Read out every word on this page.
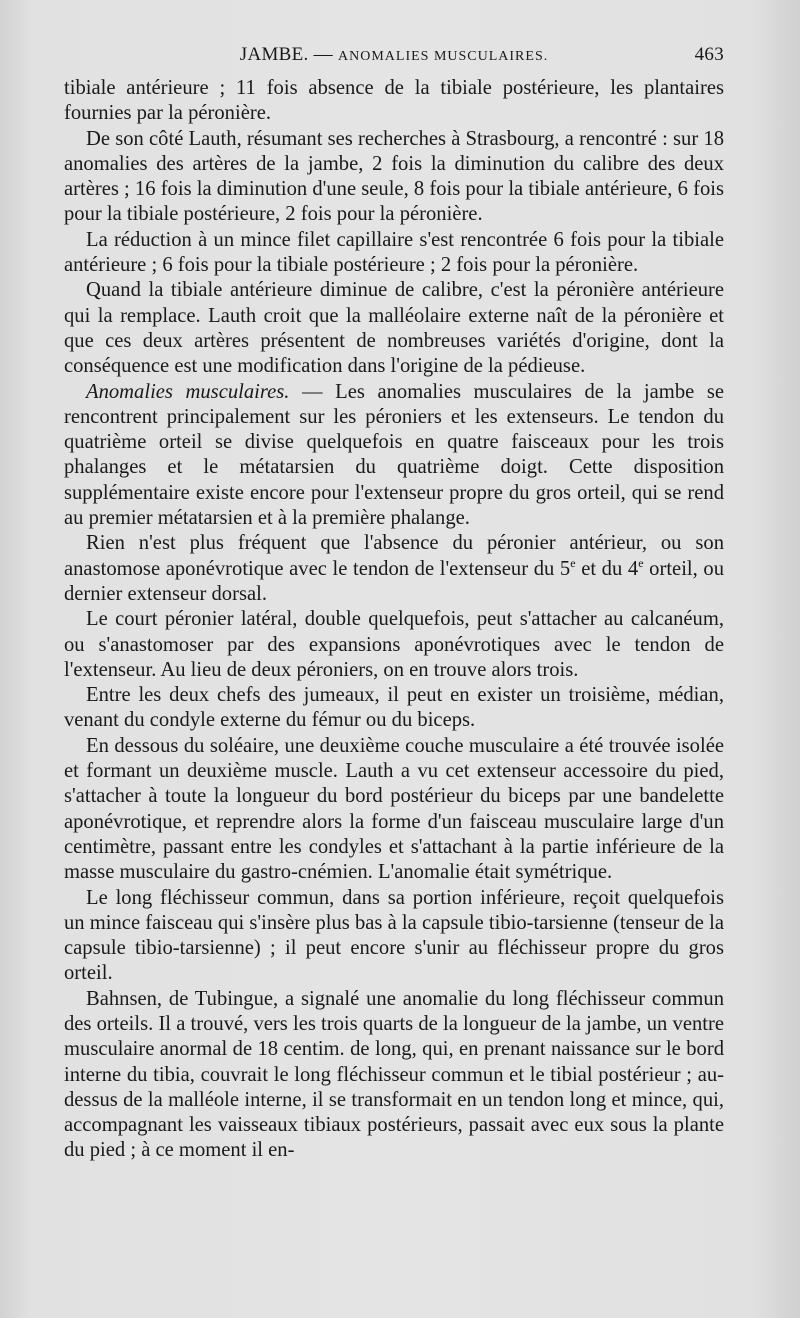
JAMBE. — ANOMALIES MUSCULAIRES.	463

tibiale antérieure ; 11 fois absence de la tibiale postérieure, les plantaires fournies par la péronière.

De son côté Lauth, résumant ses recherches à Strasbourg, a rencontré : sur 18 anomalies des artères de la jambe, 2 fois la diminution du calibre des deux artères ; 16 fois la diminution d'une seule, 8 fois pour la tibiale antérieure, 6 fois pour la tibiale postérieure, 2 fois pour la péronière.

La réduction à un mince filet capillaire s'est rencontrée 6 fois pour la tibiale antérieure ; 6 fois pour la tibiale postérieure ; 2 fois pour la péronière.

Quand la tibiale antérieure diminue de calibre, c'est la péronière antérieure qui la remplace. Lauth croit que la malléolaire externe naît de la péronière et que ces deux artères présentent de nombreuses variétés d'origine, dont la conséquence est une modification dans l'origine de la pédieuse.

Anomalies musculaires. — Les anomalies musculaires de la jambe se rencontrent principalement sur les péroniers et les extenseurs. Le tendon du quatrième orteil se divise quelquefois en quatre faisceaux pour les trois phalanges et le métatarsien du quatrième doigt. Cette disposition supplémentaire existe encore pour l'extenseur propre du gros orteil, qui se rend au premier métatarsien et à la première phalange.

Rien n'est plus fréquent que l'absence du péronier antérieur, ou son anastomose aponévrotique avec le tendon de l'extenseur du 5e et du 4e orteil, ou dernier extenseur dorsal.

Le court péronier latéral, double quelquefois, peut s'attacher au calcanéum, ou s'anastomoser par des expansions aponévrotiques avec le tendon de l'extenseur. Au lieu de deux péroniers, on en trouve alors trois.

Entre les deux chefs des jumeaux, il peut en exister un troisième, médian, venant du condyle externe du fémur ou du biceps.

En dessous du soléaire, une deuxième couche musculaire a été trouvée isolée et formant un deuxième muscle. Lauth a vu cet extenseur accessoire du pied, s'attacher à toute la longueur du bord postérieur du biceps par une bandelette aponévrotique, et reprendre alors la forme d'un faisceau musculaire large d'un centimètre, passant entre les condyles et s'attachant à la partie inférieure de la masse musculaire du gastro-cnémien. L'anomalie était symétrique.

Le long fléchisseur commun, dans sa portion inférieure, reçoit quelquefois un mince faisceau qui s'insère plus bas à la capsule tibio-tarsienne (tenseur de la capsule tibio-tarsienne) ; il peut encore s'unir au fléchisseur propre du gros orteil.

Bahnsen, de Tubingue, a signalé une anomalie du long fléchisseur commun des orteils. Il a trouvé, vers les trois quarts de la longueur de la jambe, un ventre musculaire anormal de 18 centim. de long, qui, en prenant naissance sur le bord interne du tibia, couvrait le long fléchisseur commun et le tibial postérieur ; au-dessus de la malléole interne, il se transformait en un tendon long et mince, qui, accompagnant les vaisseaux tibiaux postérieurs, passait avec eux sous la plante du pied ; à ce moment il en-
